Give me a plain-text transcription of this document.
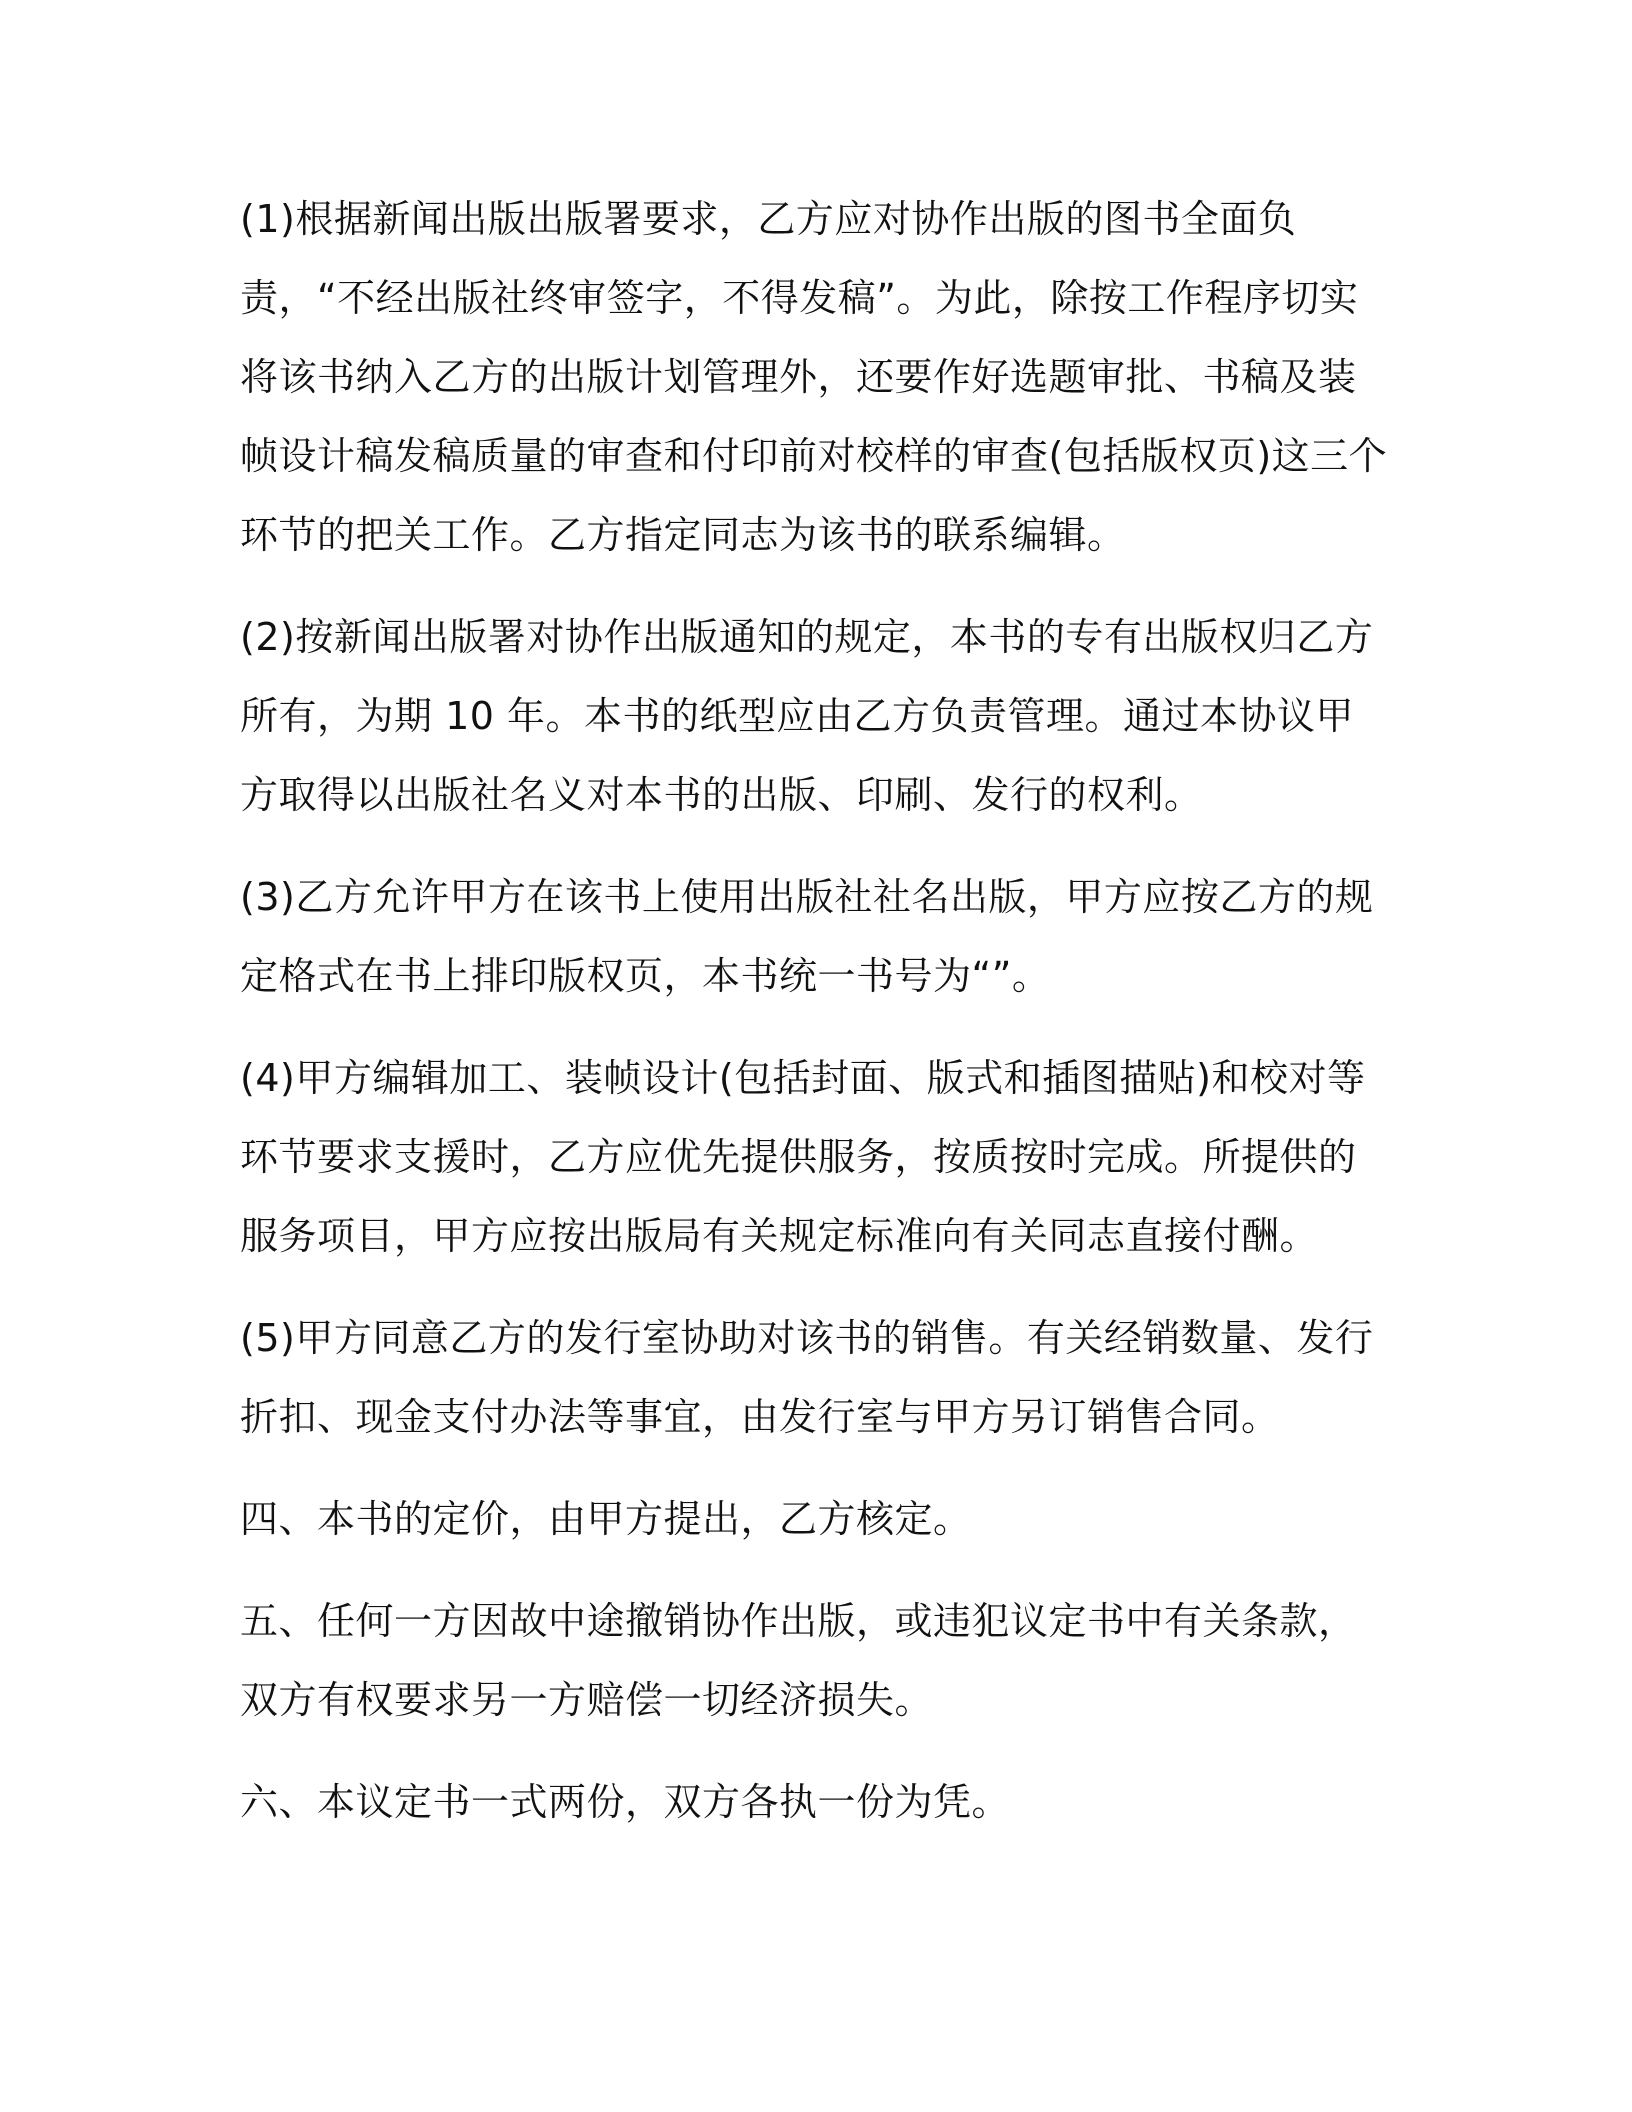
(1)根据新闻出版出版署要求，乙方应对协作出版的图书全面负责，“不经出版社终审签字，不得发稿”。为此，除按工作程序切实将该书纳入乙方的出版计划管理外，还要作好选题审批、书稿及装帧设计稿发稿质量的审查和付印前对校样的审查(包括版权页)这三个环节的把关工作。乙方指定同志为该书的联系编辑。

(2)按新闻出版署对协作出版通知的规定，本书的专有出版权归乙方所有，为期 10 年。本书的纸型应由乙方负责管理。通过本协议甲方取得以出版社名义对本书的出版、印刷、发行的权利。

(3)乙方允许甲方在该书上使用出版社社名出版，甲方应按乙方的规定格式在书上排印版权页，本书统一书号为“”。

(4)甲方编辑加工、装帧设计(包括封面、版式和插图描贴)和校对等环节要求支援时，乙方应优先提供服务，按质按时完成。所提供的服务项目，甲方应按出版局有关规定标准向有关同志直接付酬。

(5)甲方同意乙方的发行室协助对该书的销售。有关经销数量、发行折扣、现金支付办法等事宜，由发行室与甲方另订销售合同。

四、本书的定价，由甲方提出，乙方核定。

五、任何一方因故中途撤销协作出版，或违犯议定书中有关条款，双方有权要求另一方赔偿一切经济损失。

六、本议定书一式两份，双方各执一份为凭。
